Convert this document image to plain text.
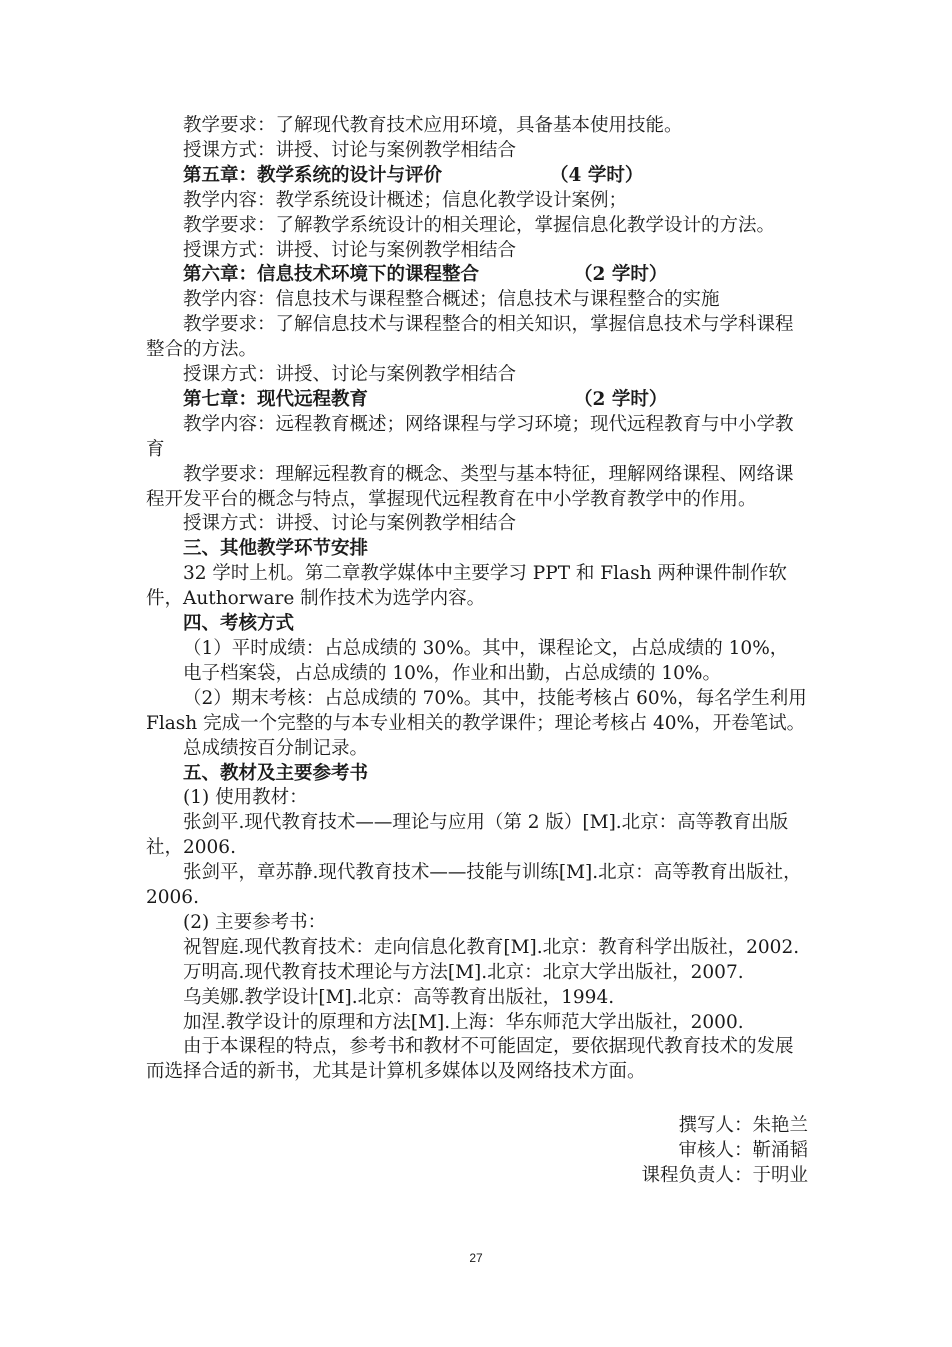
教学要求：了解现代教育技术应用环境，具备基本使用技能。

授课方式：讲授、讨论与案例教学相结合

第五章：教学系统的设计与评价	（4 学时）

教学内容：教学系统设计概述；信息化教学设计案例；

教学要求：了解教学系统设计的相关理论，掌握信息化教学设计的方法。

授课方式：讲授、讨论与案例教学相结合

第六章：信息技术环境下的课程整合	（2 学时）

教学内容：信息技术与课程整合概述；信息技术与课程整合的实施

教学要求：了解信息技术与课程整合的相关知识，掌握信息技术与学科课程整合的方法。

授课方式：讲授、讨论与案例教学相结合

第七章：现代远程教育	（2 学时）

教学内容：远程教育概述；网络课程与学习环境；现代远程教育与中小学教育

教学要求：理解远程教育的概念、类型与基本特征，理解网络课程、网络课程开发平台的概念与特点，掌握现代远程教育在中小学教育教学中的作用。

授课方式：讲授、讨论与案例教学相结合

三、其他教学环节安排

32 学时上机。第二章教学媒体中主要学习 PPT 和 Flash 两种课件制作软件，Authorware 制作技术为选学内容。

四、考核方式

（1）平时成绩：占总成绩的 30%。其中，课程论文，占总成绩的 10%，

电子档案袋，占总成绩的 10%，作业和出勤，占总成绩的 10%。

（2）期末考核：占总成绩的 70%。其中，技能考核占 60%，每名学生利用 Flash 完成一个完整的与本专业相关的教学课件；理论考核占 40%，开卷笔试。

总成绩按百分制记录。

五、教材及主要参考书

(1) 使用教材：

张剑平.现代教育技术——理论与应用（第 2 版）[M].北京：高等教育出版社，2006.

张剑平，章苏静.现代教育技术——技能与训练[M].北京：高等教育出版社，2006.

(2) 主要参考书：

祝智庭.现代教育技术：走向信息化教育[M].北京：教育科学出版社，2002.

万明高.现代教育技术理论与方法[M].北京：北京大学出版社，2007.

乌美娜.教学设计[M].北京：高等教育出版社，1994.

加涅.教学设计的原理和方法[M].上海：华东师范大学出版社，2000.

由于本课程的特点，参考书和教材不可能固定，要依据现代教育技术的发展而选择合适的新书，尤其是计算机多媒体以及网络技术方面。

撰写人：朱艳兰
审核人：靳涌韬
课程负责人：于明业
27
